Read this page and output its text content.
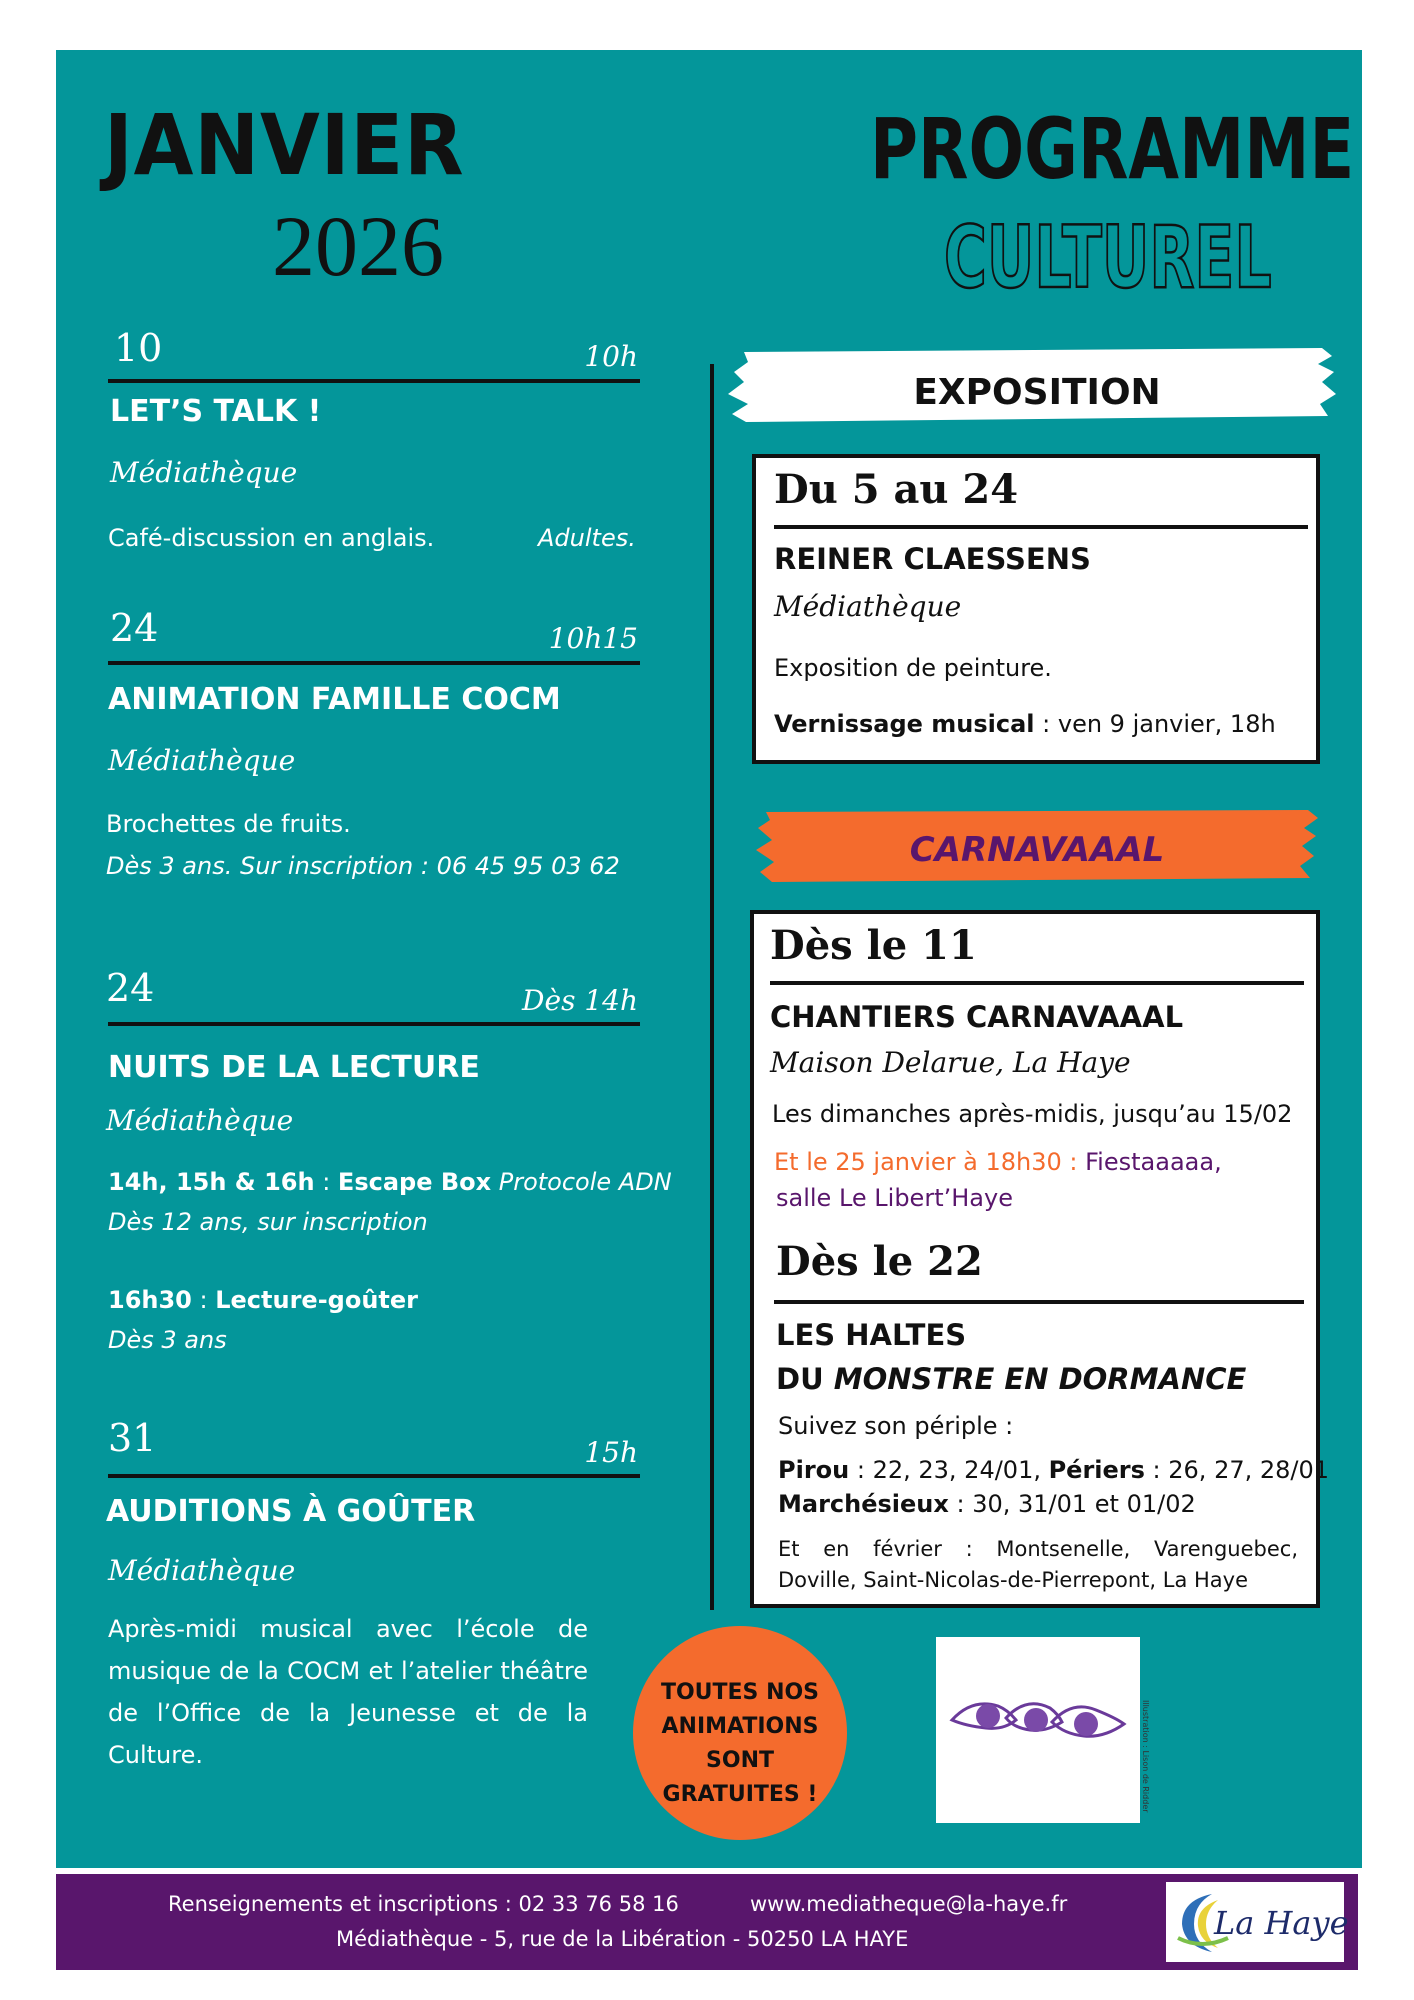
JANVIER
2026
PROGRAMME
CULTUREL
10	10h
LET’S TALK !
Médiathèque
Café-discussion en anglais.	Adultes.
24	10h15
ANIMATION FAMILLE COCM
Médiathèque
Brochettes de fruits.
Dès 3 ans. Sur inscription : 06 45 95 03 62
24	Dès 14h
NUITS DE LA LECTURE
Médiathèque
14h, 15h & 16h : Escape Box Protocole ADN
Dès 12 ans, sur inscription
16h30 : Lecture-goûter
Dès 3 ans
31	15h
AUDITIONS À GOÛTER
Médiathèque
Après-midi musical avec l’école de musique de la COCM et l’atelier théâtre de l’Office de la Jeunesse et de la Culture.
EXPOSITION
Du 5 au 24
REINER CLAESSENS
Médiathèque
Exposition de peinture.
Vernissage musical : ven 9 janvier, 18h
CARNAVAAAL
Dès le 11
CHANTIERS CARNAVAAAL
Maison Delarue, La Haye
Les dimanches après-midis, jusqu’au 15/02
Et le 25 janvier à 18h30 : Fiestaaaaa,
salle Le Libert’Haye
Dès le 22
LES HALTES
DU MONSTRE EN DORMANCE
Suivez son périple :
Pirou : 22, 23, 24/01, Périers : 26, 27, 28/01
Marchésieux : 30, 31/01 et 01/02
Et en février : Montsenelle, Varenguebec, Doville, Saint-Nicolas-de-Pierrepont, La Haye
TOUTES NOS
ANIMATIONS
SONT
GRATUITES !	Illustration : Lison de Ridder
Renseignements et inscriptions : 02 33 76 58 16	www.mediatheque@la-haye.fr
Médiathèque - 5, rue de la Libération - 50250 LA HAYE	La Haye
